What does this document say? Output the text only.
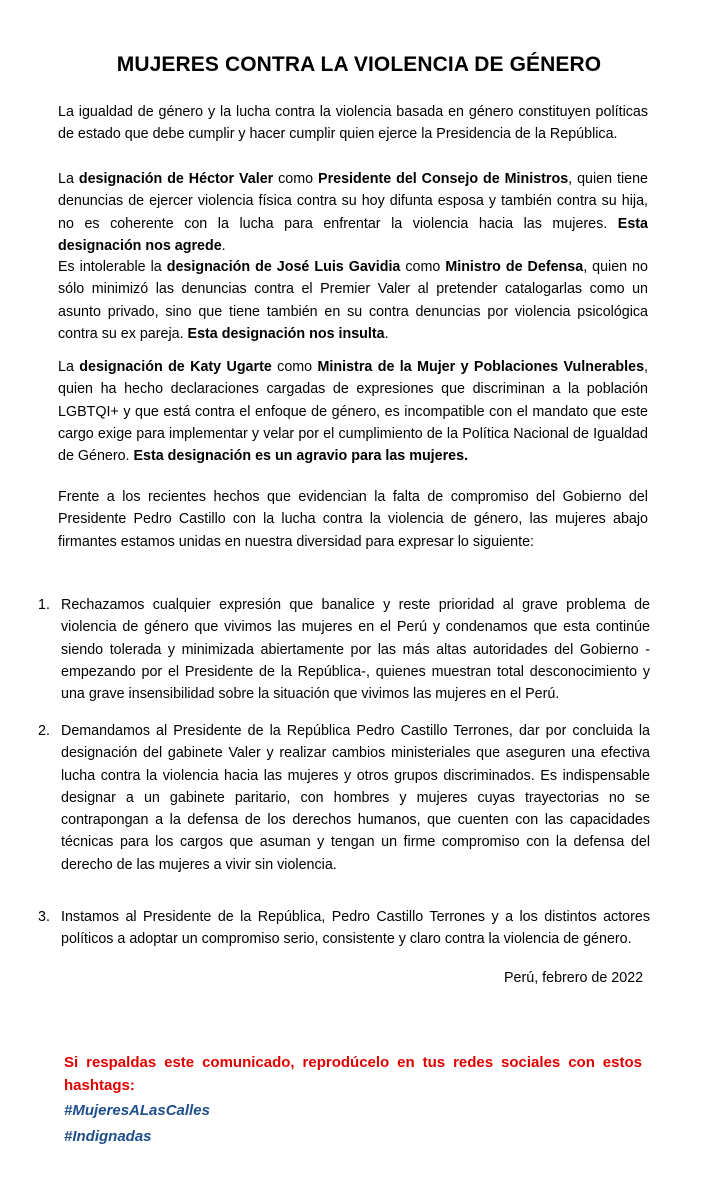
MUJERES CONTRA LA VIOLENCIA DE GÉNERO
La igualdad de género y la lucha contra la violencia basada en género constituyen políticas de estado que debe cumplir y hacer cumplir quien ejerce la Presidencia de la República.
La designación de Héctor Valer como Presidente del Consejo de Ministros, quien tiene denuncias de ejercer violencia física contra su hoy difunta esposa y también contra su hija, no es coherente con la lucha para enfrentar la violencia hacia las mujeres. Esta designación nos agrede.
Es intolerable la designación de José Luis Gavidia como Ministro de Defensa, quien no sólo minimizó las denuncias contra el Premier Valer al pretender catalogarlas como un asunto privado, sino que tiene también en su contra denuncias por violencia psicológica contra su ex pareja. Esta designación nos insulta.
La designación de Katy Ugarte como Ministra de la Mujer y Poblaciones Vulnerables, quien ha hecho declaraciones cargadas de expresiones que discriminan a la población LGBTQI+ y que está contra el enfoque de género, es incompatible con el mandato que este cargo exige para implementar y velar por el cumplimiento de la Política Nacional de Igualdad de Género. Esta designación es un agravio para las mujeres.
Frente a los recientes hechos que evidencian la falta de compromiso del Gobierno del Presidente Pedro Castillo con la lucha contra la violencia de género, las mujeres abajo firmantes estamos unidas en nuestra diversidad para expresar lo siguiente:
1. Rechazamos cualquier expresión que banalice y reste prioridad al grave problema de violencia de género que vivimos las mujeres en el Perú y condenamos que esta continúe siendo tolerada y minimizada abiertamente por las más altas autoridades del Gobierno - empezando por el Presidente de la República-, quienes muestran total desconocimiento y una grave insensibilidad sobre la situación que vivimos las mujeres en el Perú.
2. Demandamos al Presidente de la República Pedro Castillo Terrones, dar por concluida la designación del gabinete Valer y realizar cambios ministeriales que aseguren una efectiva lucha contra la violencia hacia las mujeres y otros grupos discriminados. Es indispensable designar a un gabinete paritario, con hombres y mujeres cuyas trayectorias no se contrapongan a la defensa de los derechos humanos, que cuenten con las capacidades técnicas para los cargos que asuman y tengan un firme compromiso con la defensa del derecho de las mujeres a vivir sin violencia.
3. Instamos al Presidente de la República, Pedro Castillo Terrones y a los distintos actores políticos a adoptar un compromiso serio, consistente y claro contra la violencia de género.
Perú, febrero de 2022
Si respaldas este comunicado, reprodúcelo en tus redes sociales con estos hashtags:
#MujeresALasCalles
#Indignadas
